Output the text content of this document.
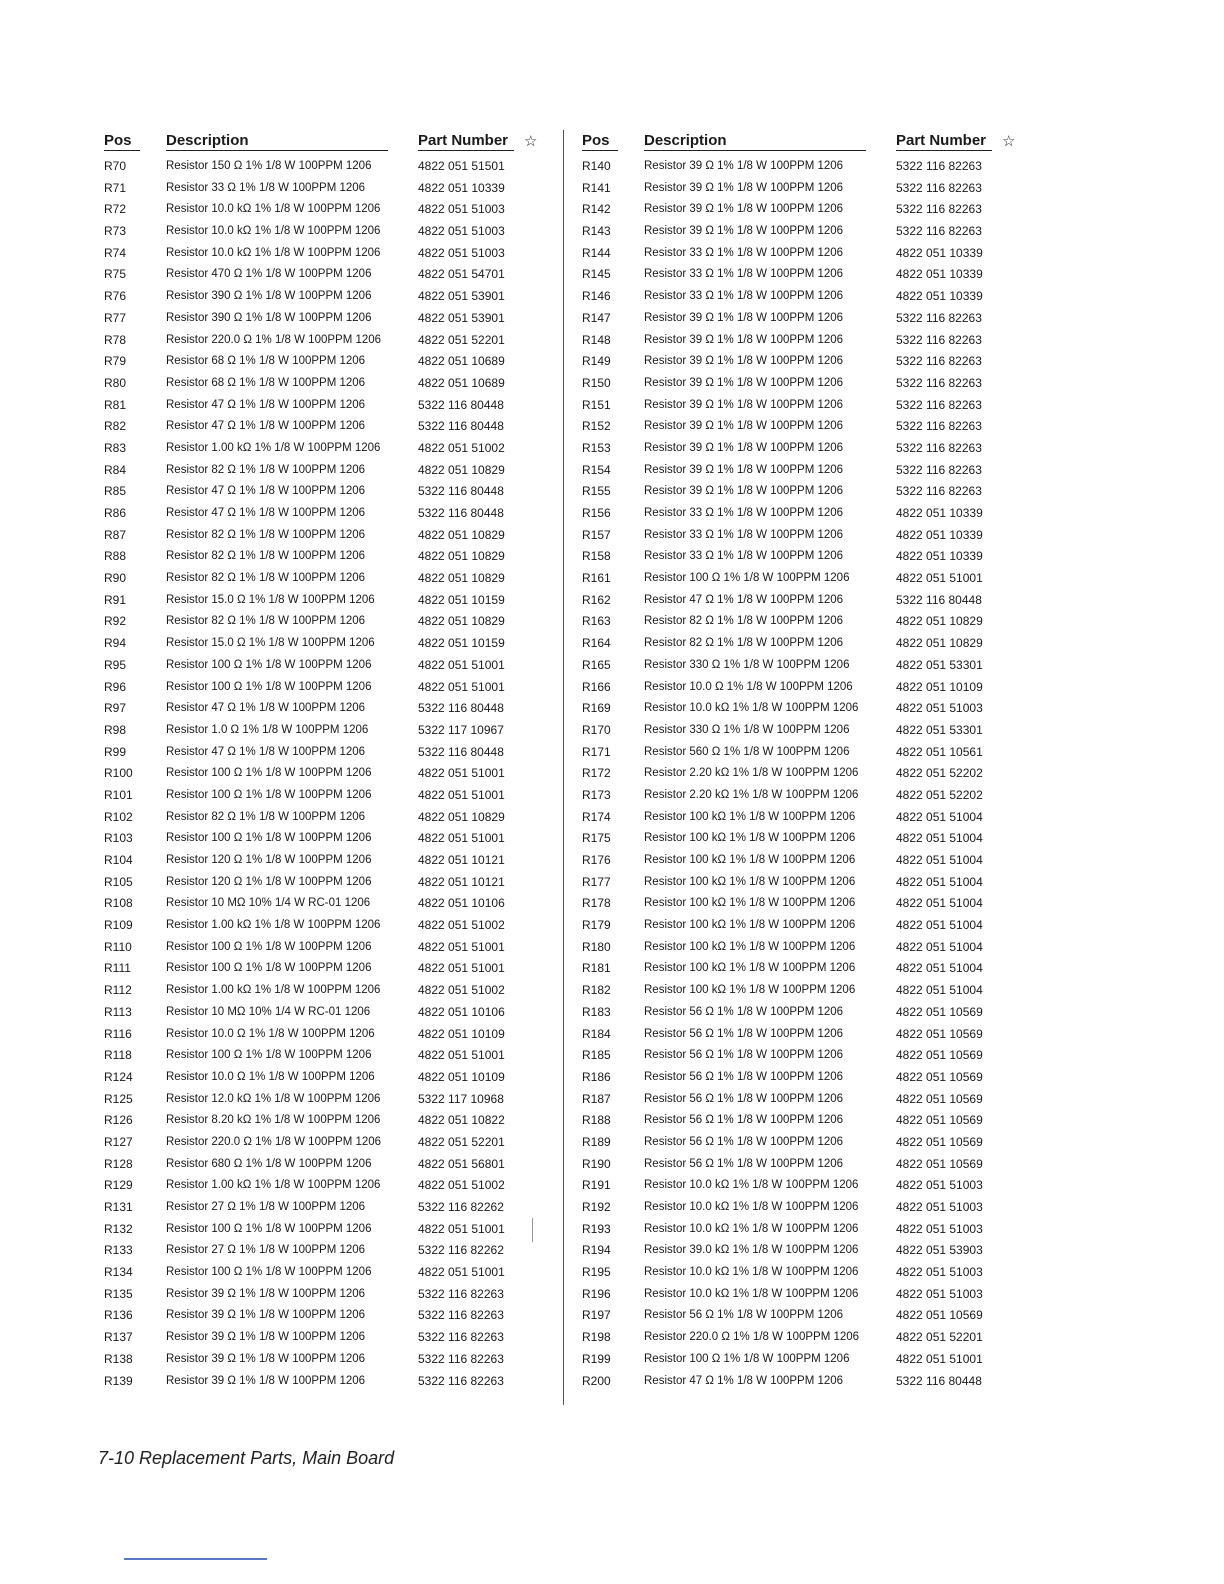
Pos	Description	Part Number	☆
R70	Resistor 150 Ω 1% 1/8 W 100PPM 1206	4822 051 51501
R71	Resistor 33 Ω 1% 1/8 W 100PPM 1206	4822 051 10339
R72	Resistor 10.0 kΩ 1% 1/8 W 100PPM 1206	4822 051 51003
R73	Resistor 10.0 kΩ 1% 1/8 W 100PPM 1206	4822 051 51003
R74	Resistor 10.0 kΩ 1% 1/8 W 100PPM 1206	4822 051 51003
R75	Resistor 470 Ω 1% 1/8 W 100PPM 1206	4822 051 54701
R76	Resistor 390 Ω 1% 1/8 W 100PPM 1206	4822 051 53901
R77	Resistor 390 Ω 1% 1/8 W 100PPM 1206	4822 051 53901
R78	Resistor 220.0 Ω 1% 1/8 W 100PPM 1206	4822 051 52201
R79	Resistor 68 Ω 1% 1/8 W 100PPM 1206	4822 051 10689
R80	Resistor 68 Ω 1% 1/8 W 100PPM 1206	4822 051 10689
R81	Resistor 47 Ω 1% 1/8 W 100PPM 1206	5322 116 80448
R82	Resistor 47 Ω 1% 1/8 W 100PPM 1206	5322 116 80448
R83	Resistor 1.00 kΩ 1% 1/8 W 100PPM 1206	4822 051 51002
R84	Resistor 82 Ω 1% 1/8 W 100PPM 1206	4822 051 10829
R85	Resistor 47 Ω 1% 1/8 W 100PPM 1206	5322 116 80448
R86	Resistor 47 Ω 1% 1/8 W 100PPM 1206	5322 116 80448
R87	Resistor 82 Ω 1% 1/8 W 100PPM 1206	4822 051 10829
R88	Resistor 82 Ω 1% 1/8 W 100PPM 1206	4822 051 10829
R90	Resistor 82 Ω 1% 1/8 W 100PPM 1206	4822 051 10829
R91	Resistor 15.0 Ω 1% 1/8 W 100PPM 1206	4822 051 10159
R92	Resistor 82 Ω 1% 1/8 W 100PPM 1206	4822 051 10829
R94	Resistor 15.0 Ω 1% 1/8 W 100PPM 1206	4822 051 10159
R95	Resistor 100 Ω 1% 1/8 W 100PPM 1206	4822 051 51001
R96	Resistor 100 Ω 1% 1/8 W 100PPM 1206	4822 051 51001
R97	Resistor 47 Ω 1% 1/8 W 100PPM 1206	5322 116 80448
R98	Resistor 1.0 Ω 1% 1/8 W 100PPM 1206	5322 117 10967
R99	Resistor 47 Ω 1% 1/8 W 100PPM 1206	5322 116 80448
R100	Resistor 100 Ω 1% 1/8 W 100PPM 1206	4822 051 51001
R101	Resistor 100 Ω 1% 1/8 W 100PPM 1206	4822 051 51001
R102	Resistor 82 Ω 1% 1/8 W 100PPM 1206	4822 051 10829
R103	Resistor 100 Ω 1% 1/8 W 100PPM 1206	4822 051 51001
R104	Resistor 120 Ω 1% 1/8 W 100PPM 1206	4822 051 10121
R105	Resistor 120 Ω 1% 1/8 W 100PPM 1206	4822 051 10121
R108	Resistor 10 MΩ 10% 1/4 W RC-01 1206	4822 051 10106
R109	Resistor 1.00 kΩ 1% 1/8 W 100PPM 1206	4822 051 51002
R110	Resistor 100 Ω 1% 1/8 W 100PPM 1206	4822 051 51001
R111	Resistor 100 Ω 1% 1/8 W 100PPM 1206	4822 051 51001
R112	Resistor 1.00 kΩ 1% 1/8 W 100PPM 1206	4822 051 51002
R113	Resistor 10 MΩ 10% 1/4 W RC-01 1206	4822 051 10106
R116	Resistor 10.0 Ω 1% 1/8 W 100PPM 1206	4822 051 10109
R118	Resistor 100 Ω 1% 1/8 W 100PPM 1206	4822 051 51001
R124	Resistor 10.0 Ω 1% 1/8 W 100PPM 1206	4822 051 10109
R125	Resistor 12.0 kΩ 1% 1/8 W 100PPM 1206	5322 117 10968
R126	Resistor 8.20 kΩ 1% 1/8 W 100PPM 1206	4822 051 10822
R127	Resistor 220.0 Ω 1% 1/8 W 100PPM 1206	4822 051 52201
R128	Resistor 680 Ω 1% 1/8 W 100PPM 1206	4822 051 56801
R129	Resistor 1.00 kΩ 1% 1/8 W 100PPM 1206	4822 051 51002
R131	Resistor 27 Ω 1% 1/8 W 100PPM 1206	5322 116 82262
R132	Resistor 100 Ω 1% 1/8 W 100PPM 1206	4822 051 51001
R133	Resistor 27 Ω 1% 1/8 W 100PPM 1206	5322 116 82262
R134	Resistor 100 Ω 1% 1/8 W 100PPM 1206	4822 051 51001
R135	Resistor 39 Ω 1% 1/8 W 100PPM 1206	5322 116 82263
R136	Resistor 39 Ω 1% 1/8 W 100PPM 1206	5322 116 82263
R137	Resistor 39 Ω 1% 1/8 W 100PPM 1206	5322 116 82263
R138	Resistor 39 Ω 1% 1/8 W 100PPM 1206	5322 116 82263
R139	Resistor 39 Ω 1% 1/8 W 100PPM 1206	5322 116 82263
Pos	Description	Part Number	☆
R140	Resistor 39 Ω 1% 1/8 W 100PPM 1206	5322 116 82263
R141	Resistor 39 Ω 1% 1/8 W 100PPM 1206	5322 116 82263
R142	Resistor 39 Ω 1% 1/8 W 100PPM 1206	5322 116 82263
R143	Resistor 39 Ω 1% 1/8 W 100PPM 1206	5322 116 82263
R144	Resistor 33 Ω 1% 1/8 W 100PPM 1206	4822 051 10339
R145	Resistor 33 Ω 1% 1/8 W 100PPM 1206	4822 051 10339
R146	Resistor 33 Ω 1% 1/8 W 100PPM 1206	4822 051 10339
R147	Resistor 39 Ω 1% 1/8 W 100PPM 1206	5322 116 82263
R148	Resistor 39 Ω 1% 1/8 W 100PPM 1206	5322 116 82263
R149	Resistor 39 Ω 1% 1/8 W 100PPM 1206	5322 116 82263
R150	Resistor 39 Ω 1% 1/8 W 100PPM 1206	5322 116 82263
R151	Resistor 39 Ω 1% 1/8 W 100PPM 1206	5322 116 82263
R152	Resistor 39 Ω 1% 1/8 W 100PPM 1206	5322 116 82263
R153	Resistor 39 Ω 1% 1/8 W 100PPM 1206	5322 116 82263
R154	Resistor 39 Ω 1% 1/8 W 100PPM 1206	5322 116 82263
R155	Resistor 39 Ω 1% 1/8 W 100PPM 1206	5322 116 82263
R156	Resistor 33 Ω 1% 1/8 W 100PPM 1206	4822 051 10339
R157	Resistor 33 Ω 1% 1/8 W 100PPM 1206	4822 051 10339
R158	Resistor 33 Ω 1% 1/8 W 100PPM 1206	4822 051 10339
R161	Resistor 100 Ω 1% 1/8 W 100PPM 1206	4822 051 51001
R162	Resistor 47 Ω 1% 1/8 W 100PPM 1206	5322 116 80448
R163	Resistor 82 Ω 1% 1/8 W 100PPM 1206	4822 051 10829
R164	Resistor 82 Ω 1% 1/8 W 100PPM 1206	4822 051 10829
R165	Resistor 330 Ω 1% 1/8 W 100PPM 1206	4822 051 53301
R166	Resistor 10.0 Ω 1% 1/8 W 100PPM 1206	4822 051 10109
R169	Resistor 10.0 kΩ 1% 1/8 W 100PPM 1206	4822 051 51003
R170	Resistor 330 Ω 1% 1/8 W 100PPM 1206	4822 051 53301
R171	Resistor 560 Ω 1% 1/8 W 100PPM 1206	4822 051 10561
R172	Resistor 2.20 kΩ 1% 1/8 W 100PPM 1206	4822 051 52202
R173	Resistor 2.20 kΩ 1% 1/8 W 100PPM 1206	4822 051 52202
R174	Resistor 100 kΩ 1% 1/8 W 100PPM 1206	4822 051 51004
R175	Resistor 100 kΩ 1% 1/8 W 100PPM 1206	4822 051 51004
R176	Resistor 100 kΩ 1% 1/8 W 100PPM 1206	4822 051 51004
R177	Resistor 100 kΩ 1% 1/8 W 100PPM 1206	4822 051 51004
R178	Resistor 100 kΩ 1% 1/8 W 100PPM 1206	4822 051 51004
R179	Resistor 100 kΩ 1% 1/8 W 100PPM 1206	4822 051 51004
R180	Resistor 100 kΩ 1% 1/8 W 100PPM 1206	4822 051 51004
R181	Resistor 100 kΩ 1% 1/8 W 100PPM 1206	4822 051 51004
R182	Resistor 100 kΩ 1% 1/8 W 100PPM 1206	4822 051 51004
R183	Resistor 56 Ω 1% 1/8 W 100PPM 1206	4822 051 10569
R184	Resistor 56 Ω 1% 1/8 W 100PPM 1206	4822 051 10569
R185	Resistor 56 Ω 1% 1/8 W 100PPM 1206	4822 051 10569
R186	Resistor 56 Ω 1% 1/8 W 100PPM 1206	4822 051 10569
R187	Resistor 56 Ω 1% 1/8 W 100PPM 1206	4822 051 10569
R188	Resistor 56 Ω 1% 1/8 W 100PPM 1206	4822 051 10569
R189	Resistor 56 Ω 1% 1/8 W 100PPM 1206	4822 051 10569
R190	Resistor 56 Ω 1% 1/8 W 100PPM 1206	4822 051 10569
R191	Resistor 10.0 kΩ 1% 1/8 W 100PPM 1206	4822 051 51003
R192	Resistor 10.0 kΩ 1% 1/8 W 100PPM 1206	4822 051 51003
R193	Resistor 10.0 kΩ 1% 1/8 W 100PPM 1206	4822 051 51003
R194	Resistor 39.0 kΩ 1% 1/8 W 100PPM 1206	4822 051 53903
R195	Resistor 10.0 kΩ 1% 1/8 W 100PPM 1206	4822 051 51003
R196	Resistor 10.0 kΩ 1% 1/8 W 100PPM 1206	4822 051 51003
R197	Resistor 56 Ω 1% 1/8 W 100PPM 1206	4822 051 10569
R198	Resistor 220.0 Ω 1% 1/8 W 100PPM 1206	4822 051 52201
R199	Resistor 100 Ω 1% 1/8 W 100PPM 1206	4822 051 51001
R200	Resistor 47 Ω 1% 1/8 W 100PPM 1206	5322 116 80448
7-10 Replacement Parts, Main Board
